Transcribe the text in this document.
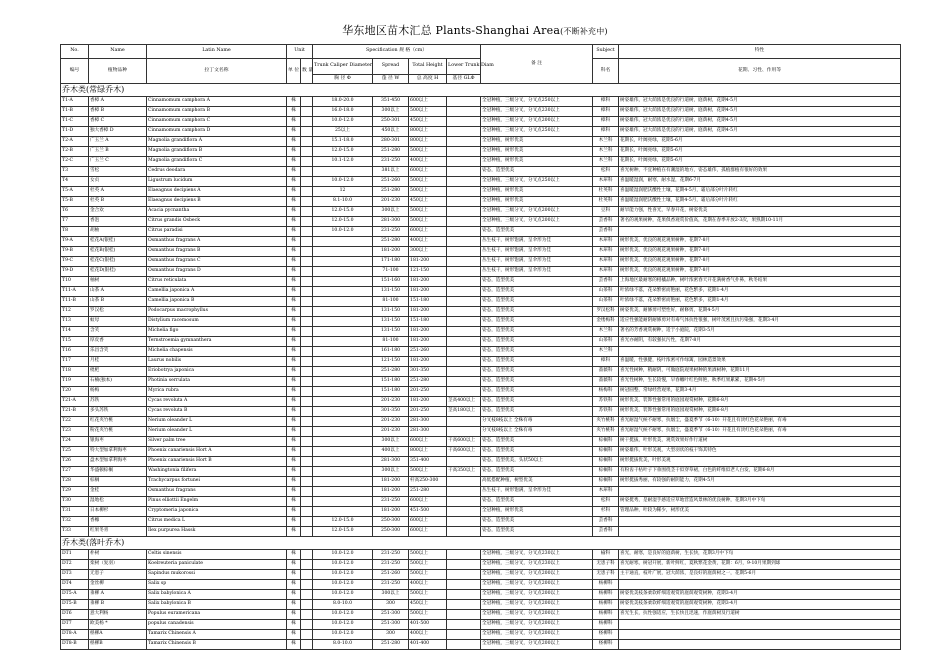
华东地区苗木汇总 Plants-Shanghai Area(不断补充中)
No.	Name	Latin Name	Unit		Specification 规 格（cm）				备 注	Subject	特性
编号	植物品种	拉丁文名称	单 位	数 量	Trunk Caliper Diameter	Spread	Total Height	Lower Trunk Diam		科名	花期、习性、作用等
					胸 径 Φ	蓬 径 W	总 高度 H	基径 GLΦ			
乔木类(常绿乔木)											
T1-A	香樟 A	Cinnamomum camphora A	株		18.0-20.0	351-450	600以上		全冠种植，三级分叉，分叉点250以上	樟科	树姿雄伟，冠大荫浓是优良的行道树，庭荫树，花期4-5月
T1-B	香樟 B	Cinnamomum camphora B	株		16.0-18.0	300以上	500以上		全冠种植，三级分叉，分叉点230以上	樟科	树姿雄伟，冠大荫浓是优良的行道树，庭荫树，花期4-5月
T1-C	香樟 C	Cinnamomum camphora C	株		10.0-12.0	250-301	450以上		全冠种植，三级分叉，分叉点200以上	樟科	树姿雄伟，冠大荫浓是优良的行道树，庭荫树，花期4-5月
T1-D	独大香樟 D	Cinnamomum camphora D	株		25以上	450以上	800以上		全冠种植，三级分叉，分叉点250以上	樟科	树姿雄伟，冠大荫浓是优良的行道树，庭荫树，花期4-5月
T2-A	广玉兰 A	Magnolia grandiflora A	株		15.1-18.0	280-301	800以上		全冠种植，树形优美	木兰科	花期长，叶阔亮绿，花期5-6月
T2-B	广玉兰 B	Magnolia grandiflora B	株		12.0-15.0	251-280	500以上		全冠种植，树形优美	木兰科	花期长，叶阔亮绿，花期5-6月
T2-C	广玉兰 C	Magnolia grandiflora C	株		10.1-12.0	231-250	400以上		全冠种植，树形优美	木兰科	花期长，叶阔亮绿，花期5-6月
T3	雪松	Cedrus deodara	株			381以上	600以上		姿态，造型优美	松科	喜光树种，不宜种植在有潮湿的地方，姿态雄伟，孤植群植有很好的效果
T4	女贞	Ligustrum lucidum	株		10.0-12.0	251-260	500以上		全冠种植，三级分叉，分叉点250以上	木犀科	喜温暖湿润，耐寒，耐水湿，花期6-7月
T5-A	杜英 A	Elaeagnus decipiens A	株		12	251-280	500以上		全冠种植，树形优美	杜英科	喜温暖湿润肥沃酸性土壤，花期4-5月，霜后部分叶片转红
T5-B	杜英 B	Elaeagnus decipiens B	株		8.1-10.0	201-230	450以上		全冠种植，树形优美	杜英科	喜温暖湿润肥沃酸性土壤，花期4-5月，霜后部分叶片转红
T6	金合欢	Acacia pycnantha	株		12.0-15.0	300以上	500以上		全冠种植，三级分叉，分叉点200以上	豆科	耐旱能力强，性喜光，早春开花，树姿优美
T7	香泡	Citrus grandis Osbeck	株		12.0-15.0	281-300	500以上		全冠种植，三级分叉，分叉点200以上	芸香科	著名的观果树种，花果俱香观赏价值高，花期在春季开放2-3次，果熟期10-11月
T8	胡柚	Citrus paradisi	株		10.0-12.0	231-250	600以上		姿态，造型优美	芸香科	
T9-A	桂花A(银桂)	Osmanthus fragrans A	株			251-280	400以上		丛生枝干，树形饱满，呈伞形为佳	木犀科	树形优美，优良的观花观果树种，花期7-8月
T9-B	桂花B(银桂)	Osmanthus fragrans B	株			181-200	300以上		丛生枝干，树形饱满，呈伞形为佳	木犀科	树形优美，优良的观花观果树种，花期7-8月
T9-C	桂花C(银桂)	Osmanthus fragrans C	株			171-180	181-200		丛生枝干，树形饱满，呈伞形为佳	木犀科	树形优美，优良的观花观果树种，花期7-8月
T9-D	桂花D(银桂)	Osmanthus fragrans D	株			71-100	121-150		丛生枝干，树形饱满，呈伞形为佳	木犀科	树形优美，优良的观花观果树种，花期7-8月
T10	柚树	Citrus reticulata	株			151-160	181-200		姿态，造型优美	芸香科	上海地区最耐寒的柑橘品种，树叶浓密春天开花满树香气扑鼻，秋冬结果
T11-A	山茶 A	Camellia japonica A	株			131-150	181-200		姿态，造型优美	山茶科	叶浓绿不落，花朵繁密而艳丽，花色繁多，花期1-4月
T11-B	山茶 B	Camellia japonica B	株			81-100	151-180		姿态，造型优美	山茶科	叶浓绿不落，花朵繁密而艳丽，花色繁多，花期1-4月
T12	罗汉松	Podocarpus macrophyllus	株			131-150	181-200		姿态，造型优美	罗汉松科	树姿优美，耐修剪可塑性好，耐修剪，花期4-5月
T13	蚊母	Distylium racemosum	株			131-150	151-180		姿态，造型优美	金缕梅科	适应性强能耐阴耐修剪对有毒气体抗性很强，树叶茂密且抗污染强，花期3-4月
T14	含笑	Michelia figo	株			131-150	181-200		姿态，造型优美	木兰科	著名的芳香观赏树种，适于小庭院，花期3-5月
T15	厚皮香	Ternstroemia gymnanthera	株			81-100	181-200		姿态，造型优美	山茶科	喜光亦耐阴，有较强抗污性，花期7-8月
T16	乐昌含笑	Michelia chapensis	株			161-180	251-260		姿态，造型优美	木兰科	
T17	月桂	Laurus nobilis	株			121-150	181-200		姿态，造型优美	樟科	喜温暖，性强健，枝叶浓密可作绿篱，园林造景效果
T18	枇杷	Eriobotrya japonica	株			251-280	301-350		姿态，造型优美	蔷薇科	喜光性树种，稍耐阴，可做庭院观果树种的果酒树种，花期11月
T19	石楠(独本)	Photinia serrulata	株			151-180	251-280		姿态，造型优美	蔷薇科	喜光性树种，生长较慢，早春嫩叶红色鲜艳，秋季红果累累，花期4-5月
T20	杨梅	Myrica rubra	株			151-180	201-250		姿态，造型优美	杨梅科	树冠圆整，常绿经营观果，花期3-4月
T21-A	苏铁	Cycas revoluta A	株			201-230	181-200	茎高400以上	姿态，造型优美	苏铁科	树形优美，装饰性强常用的庭园观赏树种，花期6-8月
T21-B	多头苏铁	Cycas revoluta B	株			301-350	201-250	茎高180以上	姿态，造型优美	苏铁科	树形优美，装饰性强常用的庭园观赏树种，花期6-8月
T22	红花夹竹桃	Nerium oleander L	株			201-230	281-300		分叉枝8枝以上 全株有毒	夹竹桃科	喜光耐湿气候不耐寒，抗烟尘，盛夏季节（6-10）开花且有淡红色花朵艳丽，有毒
T23	粉花夹竹桃	Nerium oleander L	株			201-230	281-300		分叉枝8枝以上 全株有毒	夹竹桃科	喜光耐湿气候不耐寒，抗烟尘，盛夏季节（6-10）开花且有淡红色花朵艳丽，有毒
T24	银海枣	Silver palm tree	株			300以上	600以上	干高600以上	姿态，造型优美	棕榈科	树干挺拔，叶形优美，观赏效果好作行道树
T25	特大型加拿利海枣	Phoenix canariensis Hort A	株			400以上	800以上	干高600以上	姿态，造型优美	棕榈科	树姿雄伟，叶形美观，大型羽状的枝干饰其特色
T26	盘木型加拿利海枣	Phoenix canariensis Hort B	株			281-300	351-400		姿态，造型优美，头状50以上	棕榈科	树形挺拔优美，叶形美观
T27	华盛顿棕榈	Washingtonia filifera	株			300以上	500以上	干高350以上	姿态，造型优美	棕榈科	有粉齿干枯叶子下垂围绕茎干似穿草裙，白色的纤维似老人白发，花期6-8月
T28	棕榈	Trachycarpus fortunei	株			181-200	杆高250-300		高低搭配种植，树型优美	棕榈科	树形挺拔秀丽，有较强的耐阴能力，花期4-5月
T29	金桂	Osmanthus fragrans	株			181-200	251-280		丛生枝干，树形饱满，呈伞形为佳	木犀科	
T30	湿地松	Pinus elliottii Engelm	株			231-250	600以上		姿态，造型优美	松科	树姿挺秀，是耐湿手感适应草地营造风景林的优良树种，花期3月中下旬
T31	日本柳杉	Cryptomeria japonica	株			181-200	451-500		全冠种植，树形优美	杉科	管理品种，叶较为稀少，树形优美
T32	香橼	Citrus medica L	株		12.0-15.0	250-300	600以上		姿态，造型优美	芸香科	
T33	红果冬青	Ilex purpurea Hassk	株		12.0-15.0	250-300	600以上		姿态，造型优美	芸香科	
乔木类(落叶乔木)											
DT1	朴树	Celtis sinensis	株		10.0-12.0	231-250	500以上		全冠种植，三级分叉，分叉点230以上	榆科	喜光，耐寒，是良好的庭荫树，生长快，花期3月中下旬
DT2	栾树（复羽）	Koelreuteria paniculate	株		10.0-12.0	231-250	500以上		全冠种植，三级分叉，分叉点230以上	无患子科	喜光耐寒，树冠开展，新叶鲜红，夏秋繁花金黄，花期：6月，9-10月果期到球
DT3	无患子	Sapindus mukorossi	株		10.0-12.0	251-260	500以上		全冠种植，三级分叉，分叉点200以上	无患子科	主干通直，枝叶广展，冠大荫浓，是良好的庭荫树之一，花期5-6月
DT4	金丝柳	Salix sp	株		10.0-12.0	231-250	400以上		全冠种植，三级分叉，分叉点200以上	杨柳科	
DT5-A	垂柳 A	Salix babylonica A	株		10.0-12.0	300以上	500以上		全冠种植，三级分叉，分叉点200以上	杨柳科	树姿优美枝条柔软纤细适观赏的庭荫观赏树种，花期3-4月
DT5-B	垂柳 B	Salix babylonica B	株		8.0-10.0	300	450以上		全冠种植，三级分叉，分叉点200以上	杨柳科	树姿优美枝条柔软纤细适观赏的庭荫观赏树种，花期3-4月
DT6	意大利杨	Populus euramericana	株		10.0-12.0	251-300	500以上		全冠种植，三级分叉，分叉点200以上	杨柳科	喜光生长，抗性强适应，生长快且迅速，作庭荫树及行道树
DT7	欧美杨 *	populus canadensis	株		10.0-12.0	251-300	401-500		全冠种植，三级分叉，分叉点200以上	杨柳科	
DT8-A	柽柳A	Tamarix Chinensis A	株		10.0-12.0	300	400以上		全冠种植，三级分叉，分叉点200以上	柽柳科	
DT8-B	柽柳B	Tamarix Chinensis B	株		8.0-10.0	251-280	401-400		全冠种植，三级分叉，分叉点200以上	柽柳科	
